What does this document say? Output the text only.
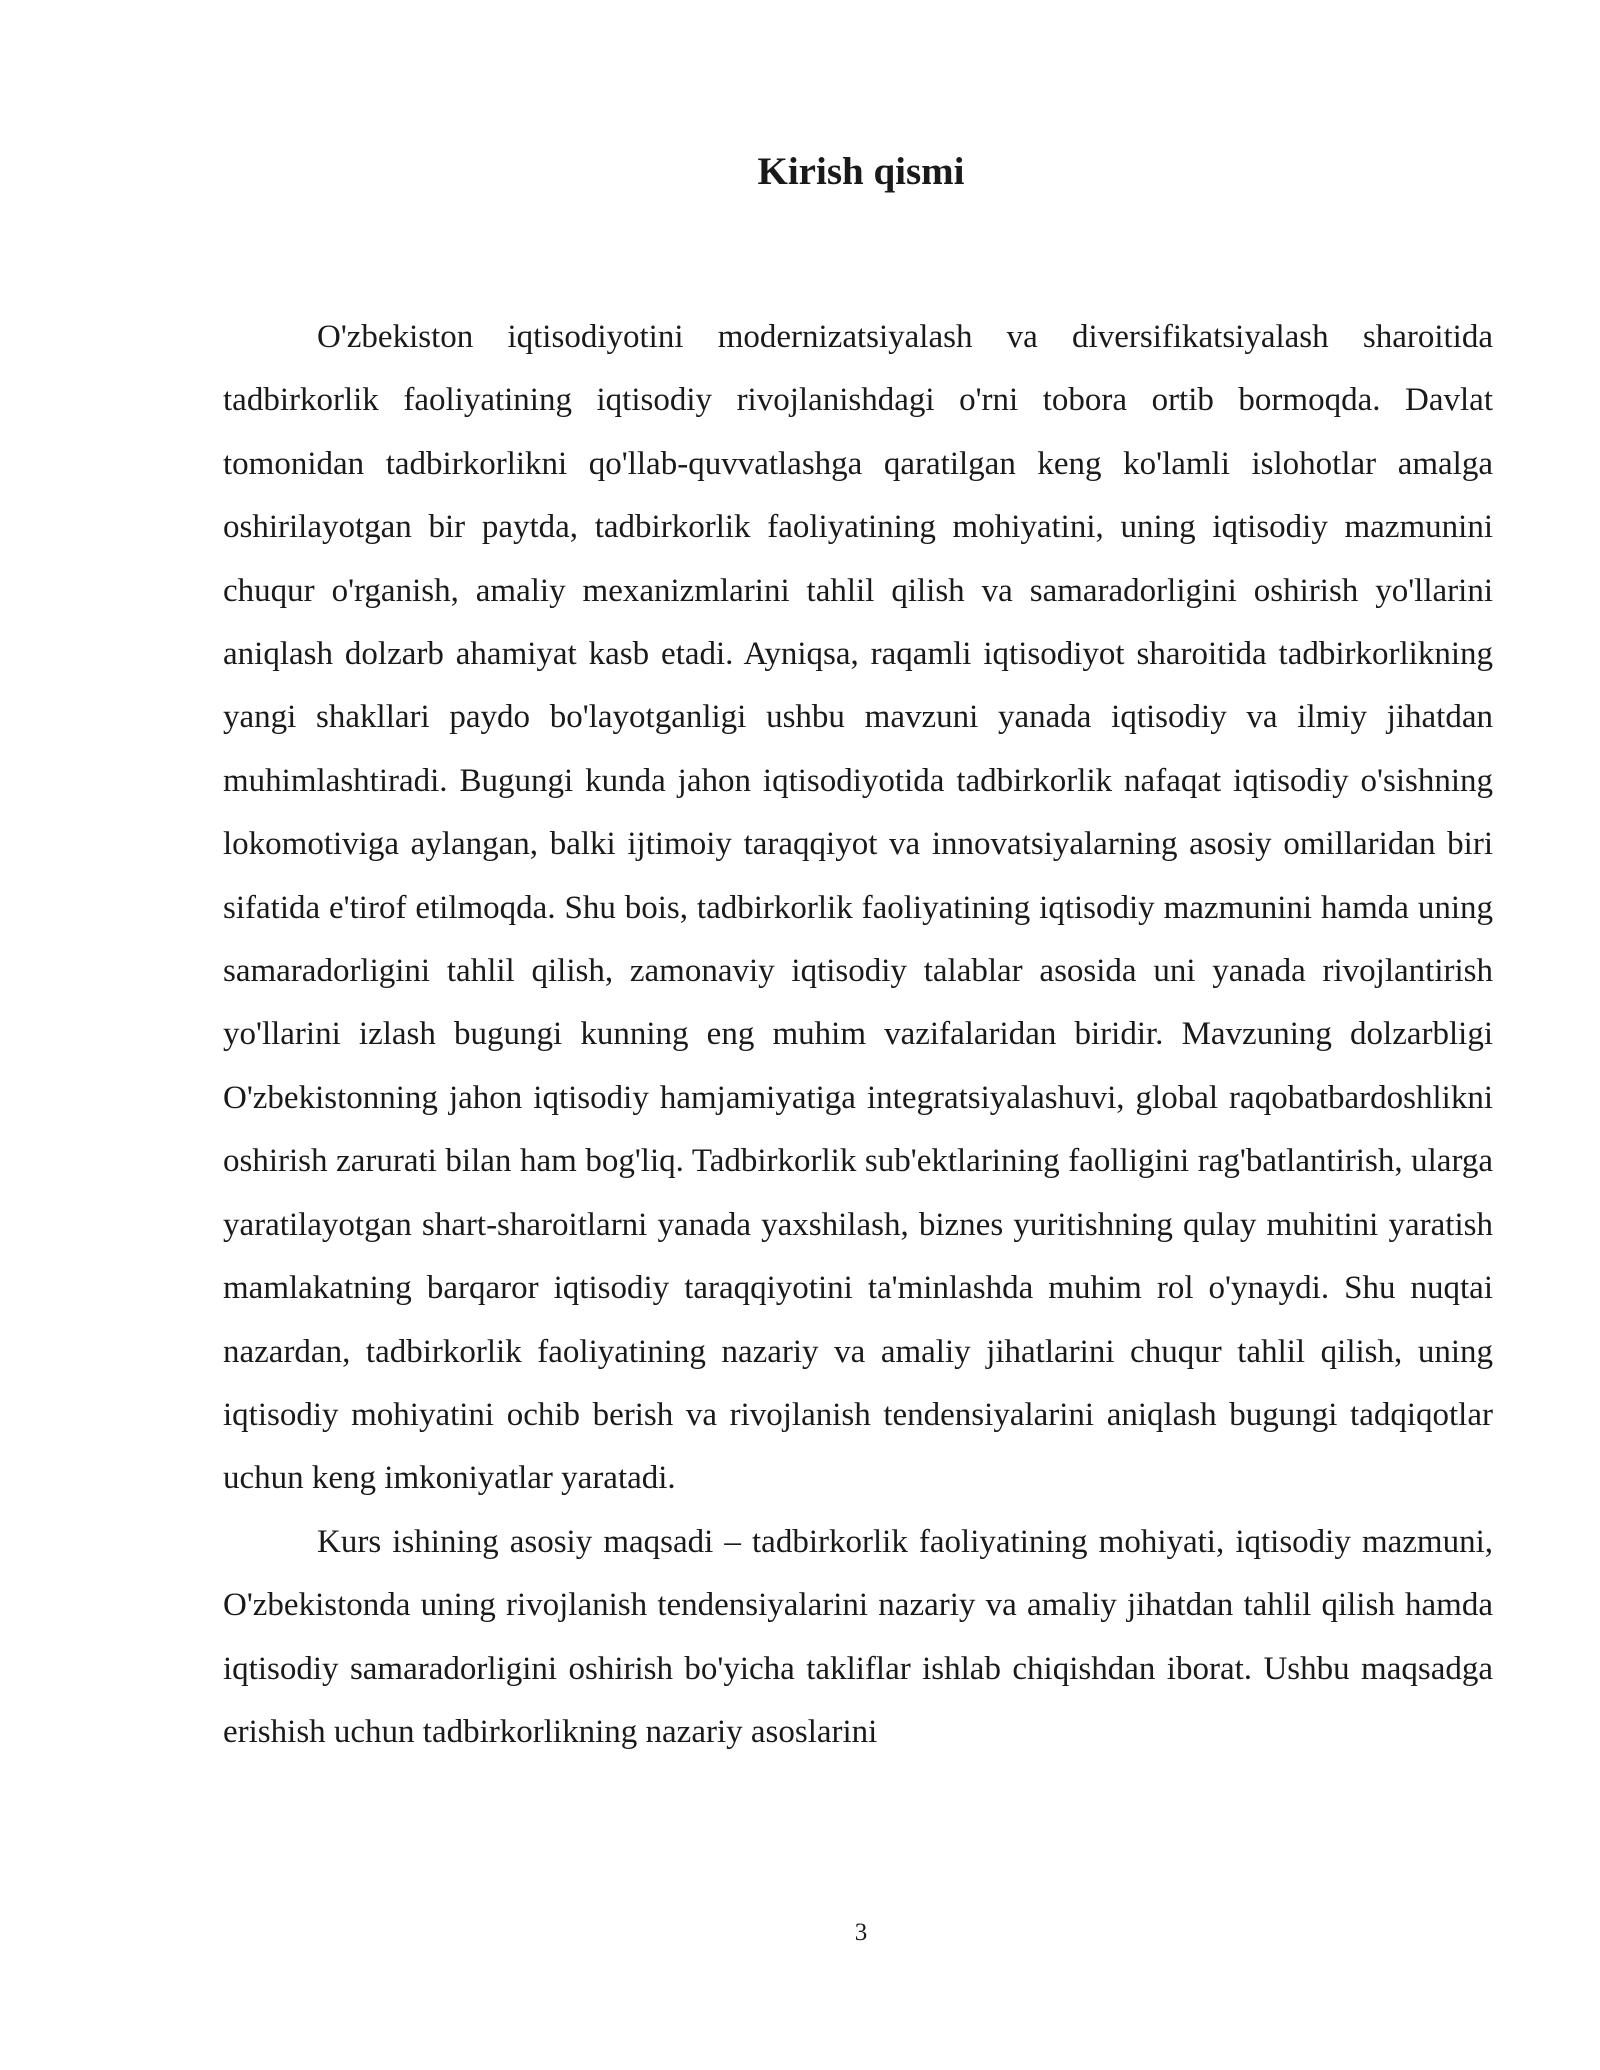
Kirish qismi

O'zbekiston iqtisodiyotini modernizatsiyalash va diversifikatsiyalash sharoitida tadbirkorlik faoliyatining iqtisodiy rivojlanishdagi o'rni tobora ortib bormoqda. Davlat tomonidan tadbirkorlikni qo'llab-quvvatlashga qaratilgan keng ko'lamli islohotlar amalga oshirilayotgan bir paytda, tadbirkorlik faoliyatining mohiyatini, uning iqtisodiy mazmunini chuqur o'rganish, amaliy mexanizmlarini tahlil qilish va samaradorligini oshirish yo'llarini aniqlash dolzarb ahamiyat kasb etadi. Ayniqsa, raqamli iqtisodiyot sharoitida tadbirkorlikning yangi shakllari paydo bo'layotganligi ushbu mavzuni yanada iqtisodiy va ilmiy jihatdan muhimlashtiradi. Bugungi kunda jahon iqtisodiyotida tadbirkorlik nafaqat iqtisodiy o'sishning lokomotiviga aylangan, balki ijtimoiy taraqqiyot va innovatsiyalarning asosiy omillaridan biri sifatida e'tirof etilmoqda. Shu bois, tadbirkorlik faoliyatining iqtisodiy mazmunini hamda uning samaradorligini tahlil qilish, zamonaviy iqtisodiy talablar asosida uni yanada rivojlantirish yo'llarini izlash bugungi kunning eng muhim vazifalaridan biridir. Mavzuning dolzarbligi O'zbekistonning jahon iqtisodiy hamjamiyatiga integratsiyalashuvi, global raqobatbardoshlikni oshirish zarurati bilan ham bog'liq. Tadbirkorlik sub'ektlarining faolligini rag'batlantirish, ularga yaratilayotgan shart-sharoitlarni yanada yaxshilash, biznes yuritishning qulay muhitini yaratish mamlakatning barqaror iqtisodiy taraqqiyotini ta'minlashda muhim rol o'ynaydi. Shu nuqtai nazardan, tadbirkorlik faoliyatining nazariy va amaliy jihatlarini chuqur tahlil qilish, uning iqtisodiy mohiyatini ochib berish va rivojlanish tendensiyalarini aniqlash bugungi tadqiqotlar uchun keng imkoniyatlar yaratadi.

Kurs ishining asosiy maqsadi – tadbirkorlik faoliyatining mohiyati, iqtisodiy mazmuni, O'zbekistonda uning rivojlanish tendensiyalarini nazariy va amaliy jihatdan tahlil qilish hamda iqtisodiy samaradorligini oshirish bo'yicha takliflar ishlab chiqishdan iborat. Ushbu maqsadga erishish uchun tadbirkorlikning nazariy asoslarini

3
